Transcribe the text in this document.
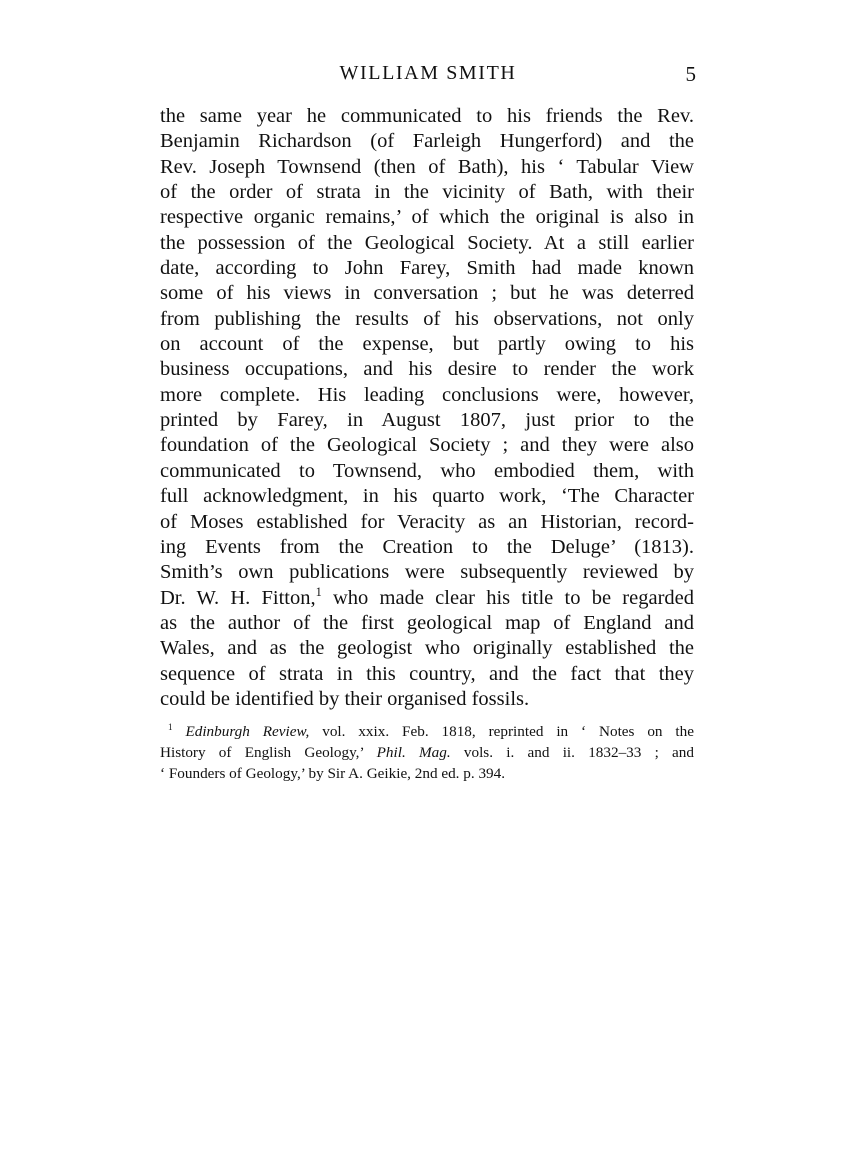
WILLIAM SMITH	5
the same year he communicated to his friends the Rev.
Benjamin Richardson (of Farleigh Hungerford) and the
Rev. Joseph Townsend (then of Bath), his ‘ Tabular View
of the order of strata in the vicinity of Bath, with their
respective organic remains,’ of which the original is also in
the possession of the Geological Society. At a still earlier
date, according to John Farey, Smith had made known
some of his views in conversation ; but he was deterred
from publishing the results of his observations, not only
on account of the expense, but partly owing to his
business occupations, and his desire to render the work
more complete. His leading conclusions were, however,
printed by Farey, in August 1807, just prior to the
foundation of the Geological Society ; and they were also
communicated to Townsend, who embodied them, with
full acknowledgment, in his quarto work, ‘The Character
of Moses established for Veracity as an Historian, record-
ing Events from the Creation to the Deluge’ (1813).
Smith’s own publications were subsequently reviewed by
Dr. W. H. Fitton,$^1$ who made clear his title to be regarded
as the author of the first geological map of England and
Wales, and as the geologist who originally established the
sequence of strata in this country, and the fact that they
could be identified by their organised fossils.
$^1$ Edinburgh Review, vol. xxix. Feb. 1818, reprinted in ‘ Notes on the
History of English Geology,’ Phil. Mag. vols. i. and ii. 1832–33 ; and
‘ Founders of Geology,’ by Sir A. Geikie, 2nd ed. p. 394.
